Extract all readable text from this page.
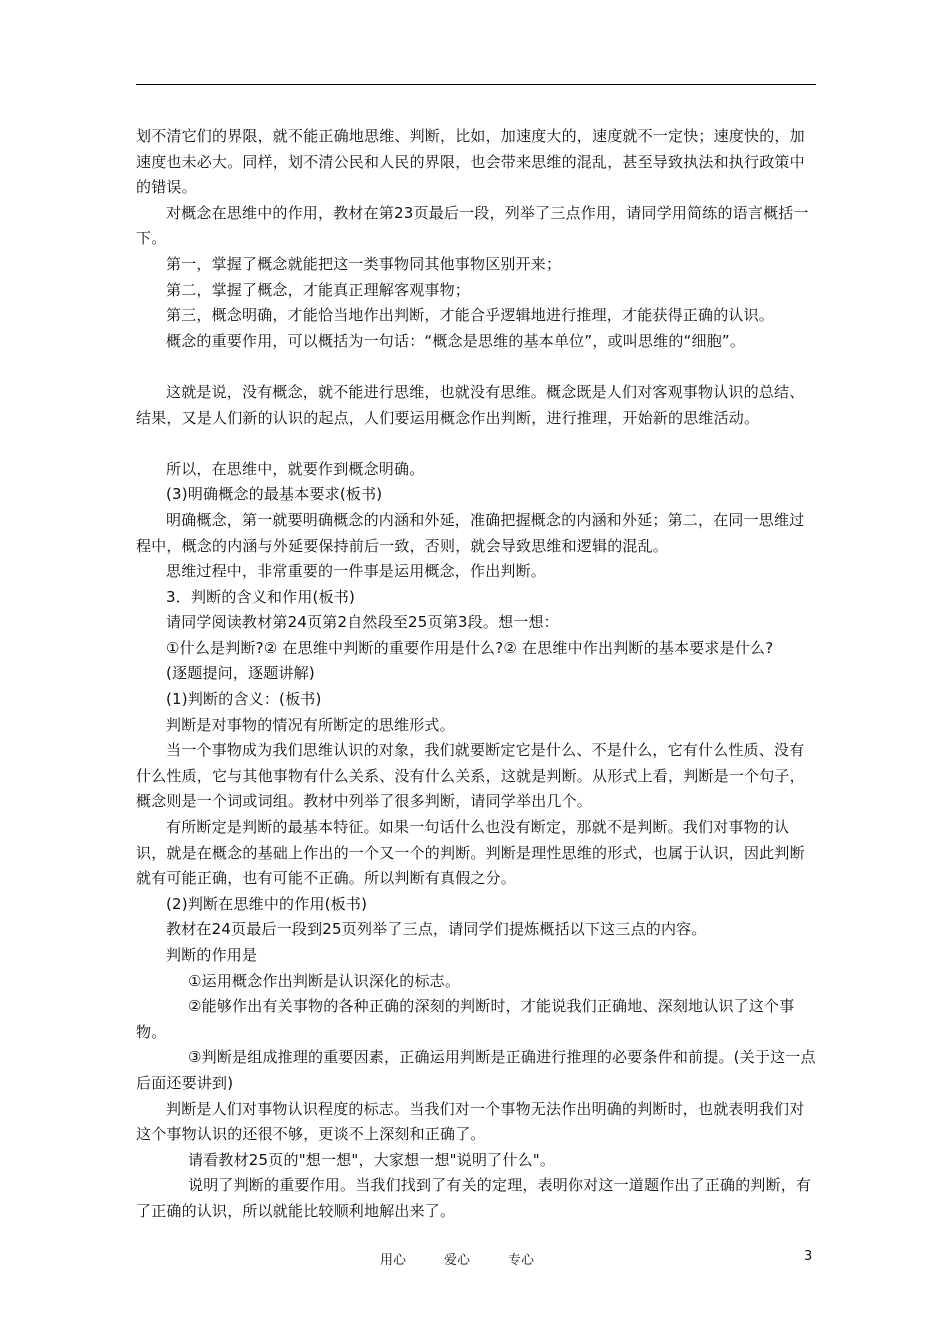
划不清它们的界限，就不能正确地思维、判断，比如，加速度大的，速度就不一定快；速度快的，加速度也未必大。同样，划不清公民和人民的界限，也会带来思维的混乱，甚至导致执法和执行政策中的错误。

对概念在思维中的作用，教材在第23页最后一段，列举了三点作用，请同学用简练的语言概括一下。

第一，掌握了概念就能把这一类事物同其他事物区别开来；

第二，掌握了概念，才能真正理解客观事物；

第三，概念明确，才能恰当地作出判断，才能合乎逻辑地进行推理，才能获得正确的认识。

概念的重要作用，可以概括为一句话：“概念是思维的基本单位”，或叫思维的“细胞”。

这就是说，没有概念，就不能进行思维，也就没有思维。概念既是人们对客观事物认识的总结、结果，又是人们新的认识的起点，人们要运用概念作出判断，进行推理，开始新的思维活动。

所以，在思维中，就要作到概念明确。

(3)明确概念的最基本要求(板书)

明确概念，第一就要明确概念的内涵和外延，准确把握概念的内涵和外延；第二，在同一思维过程中，概念的内涵与外延要保持前后一致，否则，就会导致思维和逻辑的混乱。

思维过程中，非常重要的一件事是运用概念，作出判断。

3．判断的含义和作用(板书)

请同学阅读教材第24页第2自然段至25页第3段。想一想：

①什么是判断?② 在思维中判断的重要作用是什么?② 在思维中作出判断的基本要求是什么?

(逐题提问，逐题讲解)

(1)判断的含义：(板书)

判断是对事物的情况有所断定的思维形式。

当一个事物成为我们思维认识的对象，我们就要断定它是什么、不是什么，它有什么性质、没有什么性质，它与其他事物有什么关系、没有什么关系，这就是判断。从形式上看，判断是一个句子，概念则是一个词或词组。教材中列举了很多判断，请同学举出几个。

有所断定是判断的最基本特征。如果一句话什么也没有断定，那就不是判断。我们对事物的认识，就是在概念的基础上作出的一个又一个的判断。判断是理性思维的形式，也属于认识，因此判断就有可能正确，也有可能不正确。所以判断有真假之分。

(2)判断在思维中的作用(板书)

教材在24页最后一段到25页列举了三点，请同学们提炼概括以下这三点的内容。

判断的作用是

①运用概念作出判断是认识深化的标志。

②能够作出有关事物的各种正确的深刻的判断时，才能说我们正确地、深刻地认识了这个事物。

③判断是组成推理的重要因素，正确运用判断是正确进行推理的必要条件和前提。(关于这一点后面还要讲到)

判断是人们对事物认识程度的标志。当我们对一个事物无法作出明确的判断时，也就表明我们对这个事物认识的还很不够，更谈不上深刻和正确了。

请看教材25页的"想一想"，大家想一想"说明了什么"。

说明了判断的重要作用。当我们找到了有关的定理，表明你对这一道题作出了正确的判断，有了正确的认识，所以就能比较顺利地解出来了。

用心	爱心	专心	3
